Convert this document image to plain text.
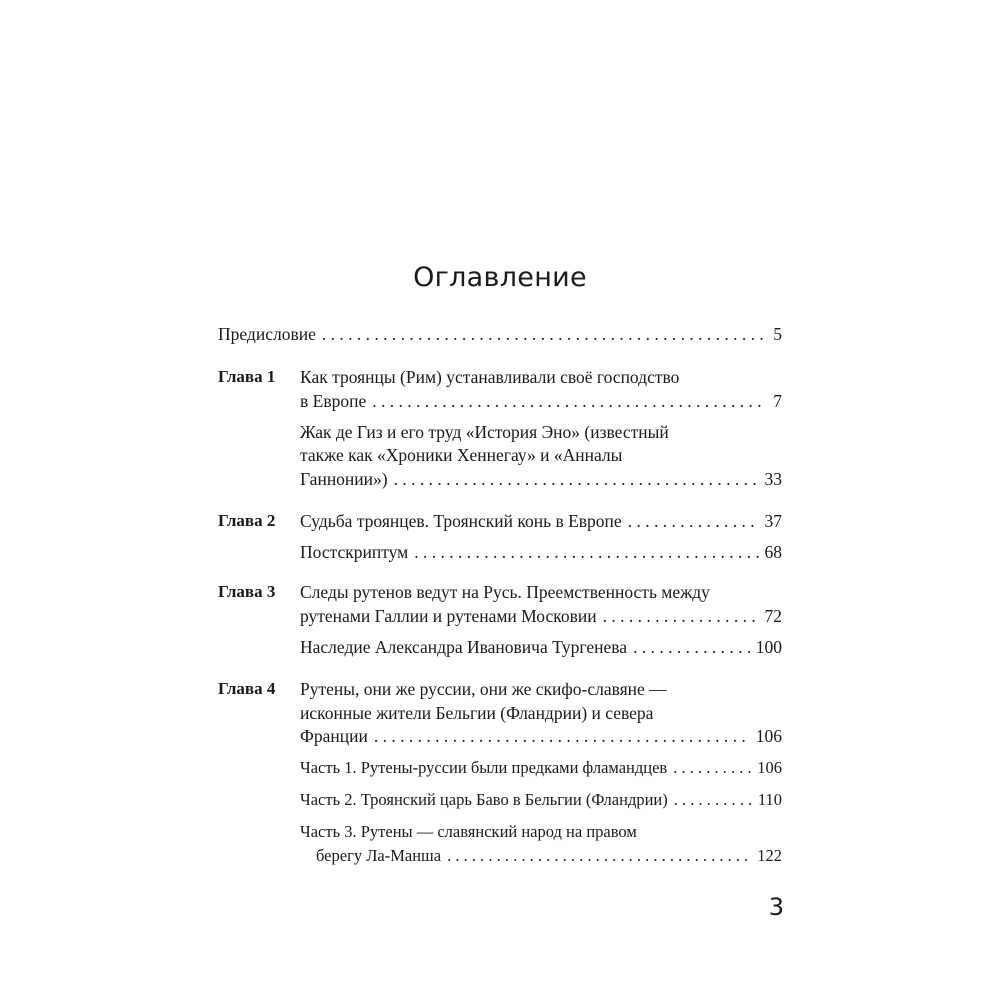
Оглавление
Предисловие . . .	5
Глава 1 Как троянцы (Рим) устанавливали своё господство
в Европе . . .	7
Жак де Гиз и его труд «История Эно» (известный
также как «Хроники Хеннегау» и «Анналы
Ганнонии») . . .	33
Глава 2 Судьба троянцев. Троянский конь в Европе . . .	37
Постскриптум . . .	68
Глава 3 Следы рутенов ведут на Русь. Преемственность между
рутенами Галлии и рутенами Московии . . .	72
Наследие Александра Ивановича Тургенева . . .	100
Глава 4 Рутены, они же руссии, они же скифо-славяне —
исконные жители Бельгии (Фландрии) и севера
Франции . . .	106
Часть 1. Рутены-руссии были предками фламандцев . . .	106
Часть 2. Троянский царь Баво в Бельгии (Фландрии) . . .	110
Часть 3. Рутены — славянский народ на правом
берегу Ла-Манша . . .	122
3
